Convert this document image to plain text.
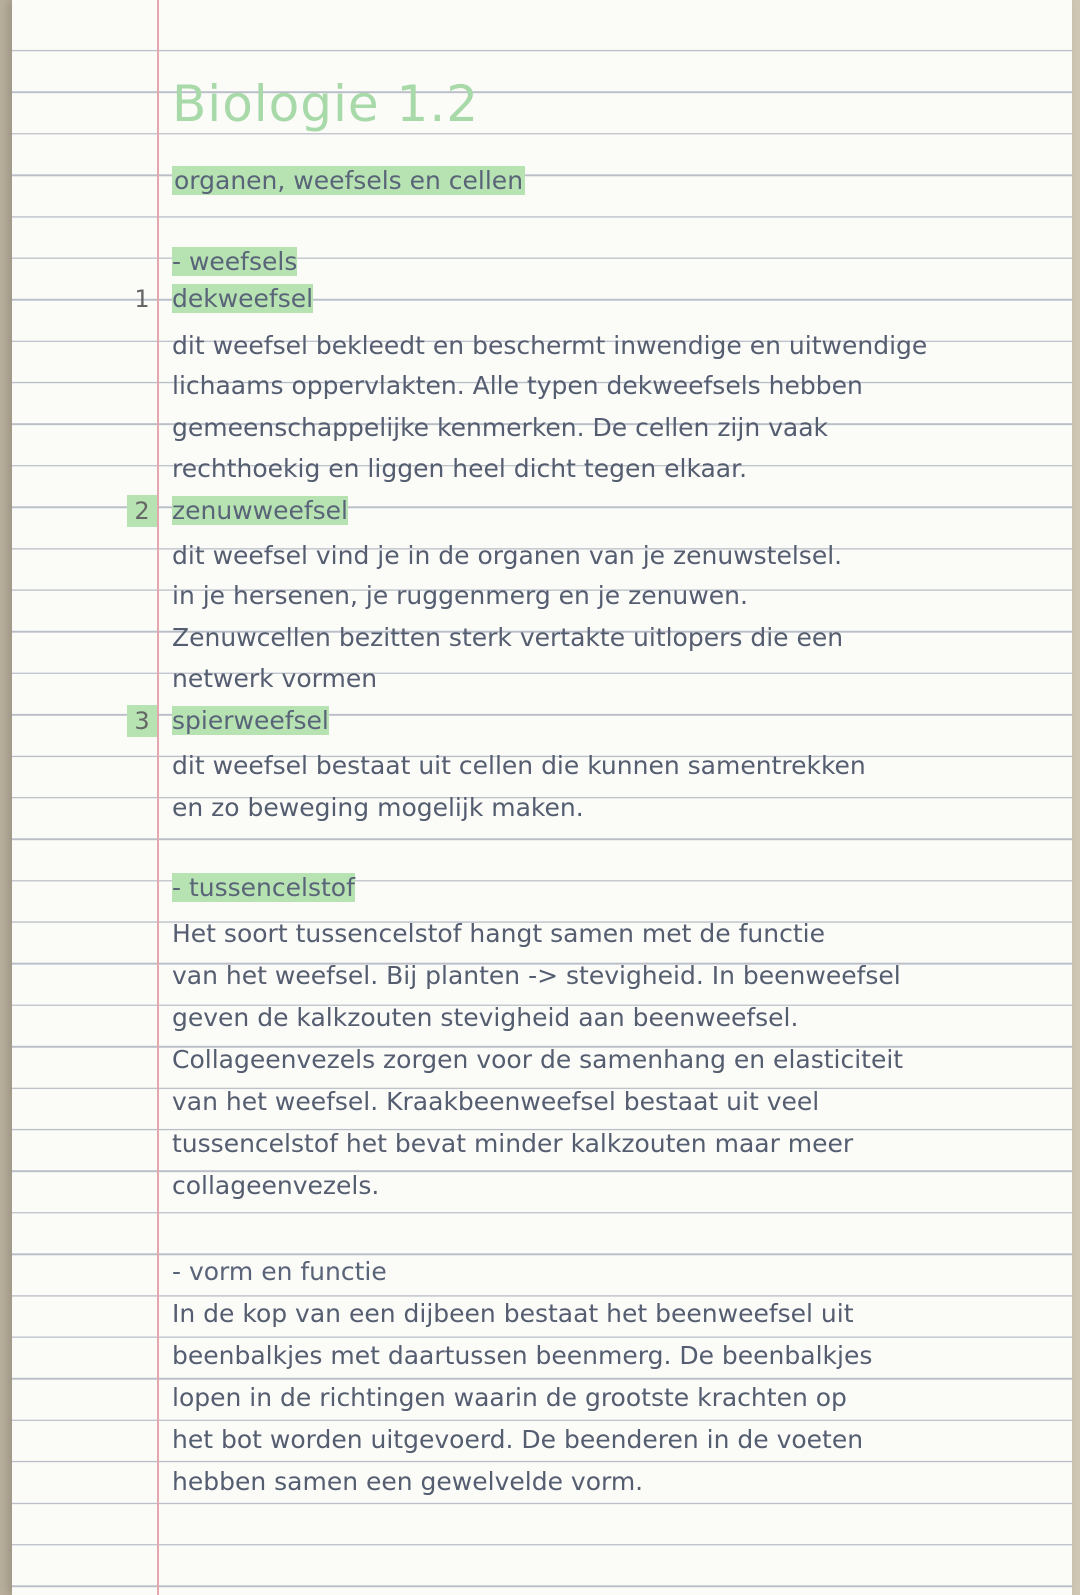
Biologie 1.2
organen, weefsels en cellen
- weefsels
1 dekweefsel
dit weefsel bekleedt en beschermt inwendige en uitwendige
lichaams oppervlakten. Alle typen dekweefsels hebben
gemeenschappelijke kenmerken. De cellen zijn vaak
rechthoekig en liggen heel dicht tegen elkaar.
2 zenuwweefsel
dit weefsel vind je in de organen van je zenuwstelsel.
in je hersenen, je ruggenmerg en je zenuwen.
Zenuwcellen bezitten sterk vertakte uitlopers die een
netwerk vormen
3 spierweefsel
dit weefsel bestaat uit cellen die kunnen samentrekken
en zo beweging mogelijk maken.
- tussencelstof
Het soort tussencelstof hangt samen met de functie
van het weefsel. Bij planten -> stevigheid. In beenweefsel
geven de kalkzouten stevigheid aan beenweefsel.
Collageenvezels zorgen voor de samenhang en elasticiteit
van het weefsel. Kraakbeenweefsel bestaat uit veel
tussencelstof het bevat minder kalkzouten maar meer
collageenvezels.
- vorm en functie
In de kop van een dijbeen bestaat het beenweefsel uit
beenbalkjes met daartussen beenmerg. De beenbalkjes
lopen in de richtingen waarin de grootste krachten op
het bot worden uitgevoerd. De beenderen in de voeten
hebben samen een gewelvelde vorm.
